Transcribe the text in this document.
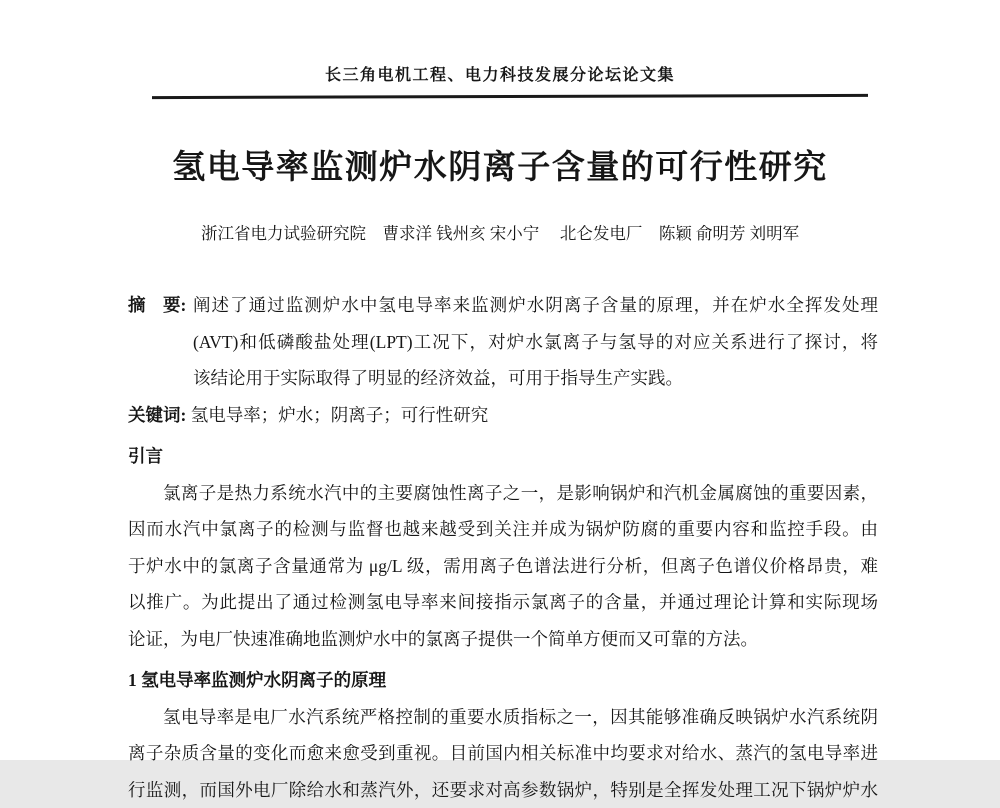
长三角电机工程、电力科技发展分论坛论文集
氢电导率监测炉水阴离子含量的可行性研究
浙江省电力试验研究院　曹求洋 钱州亥 宋小宁　 北仑发电厂　陈颖 俞明芳 刘明军
摘　要: 阐述了通过监测炉水中氢电导率来监测炉水阴离子含量的原理，并在炉水全挥发处理
(AVT)和低磷酸盐处理(LPT)工况下，对炉水氯离子与氢导的对应关系进行了探讨，将
该结论用于实际取得了明显的经济效益，可用于指导生产实践。
关键词: 氢电导率；炉水；阴离子；可行性研究
引言
氯离子是热力系统水汽中的主要腐蚀性离子之一，是影响锅炉和汽机金属腐蚀的重要因素，
因而水汽中氯离子的检测与监督也越来越受到关注并成为锅炉防腐的重要内容和监控手段。由
于炉水中的氯离子含量通常为 μg/L 级，需用离子色谱法进行分析，但离子色谱仪价格昂贵，难
以推广。为此提出了通过检测氢电导率来间接指示氯离子的含量，并通过理论计算和实际现场
论证，为电厂快速准确地监测炉水中的氯离子提供一个简单方便而又可靠的方法。
1 氢电导率监测炉水阴离子的原理
氢电导率是电厂水汽系统严格控制的重要水质指标之一，因其能够准确反映锅炉水汽系统阴
离子杂质含量的变化而愈来愈受到重视。目前国内相关标准中均要求对给水、蒸汽的氢电导率进
行监测，而国外电厂除给水和蒸汽外，还要求对高参数锅炉，特别是全挥发处理工况下锅炉炉水
